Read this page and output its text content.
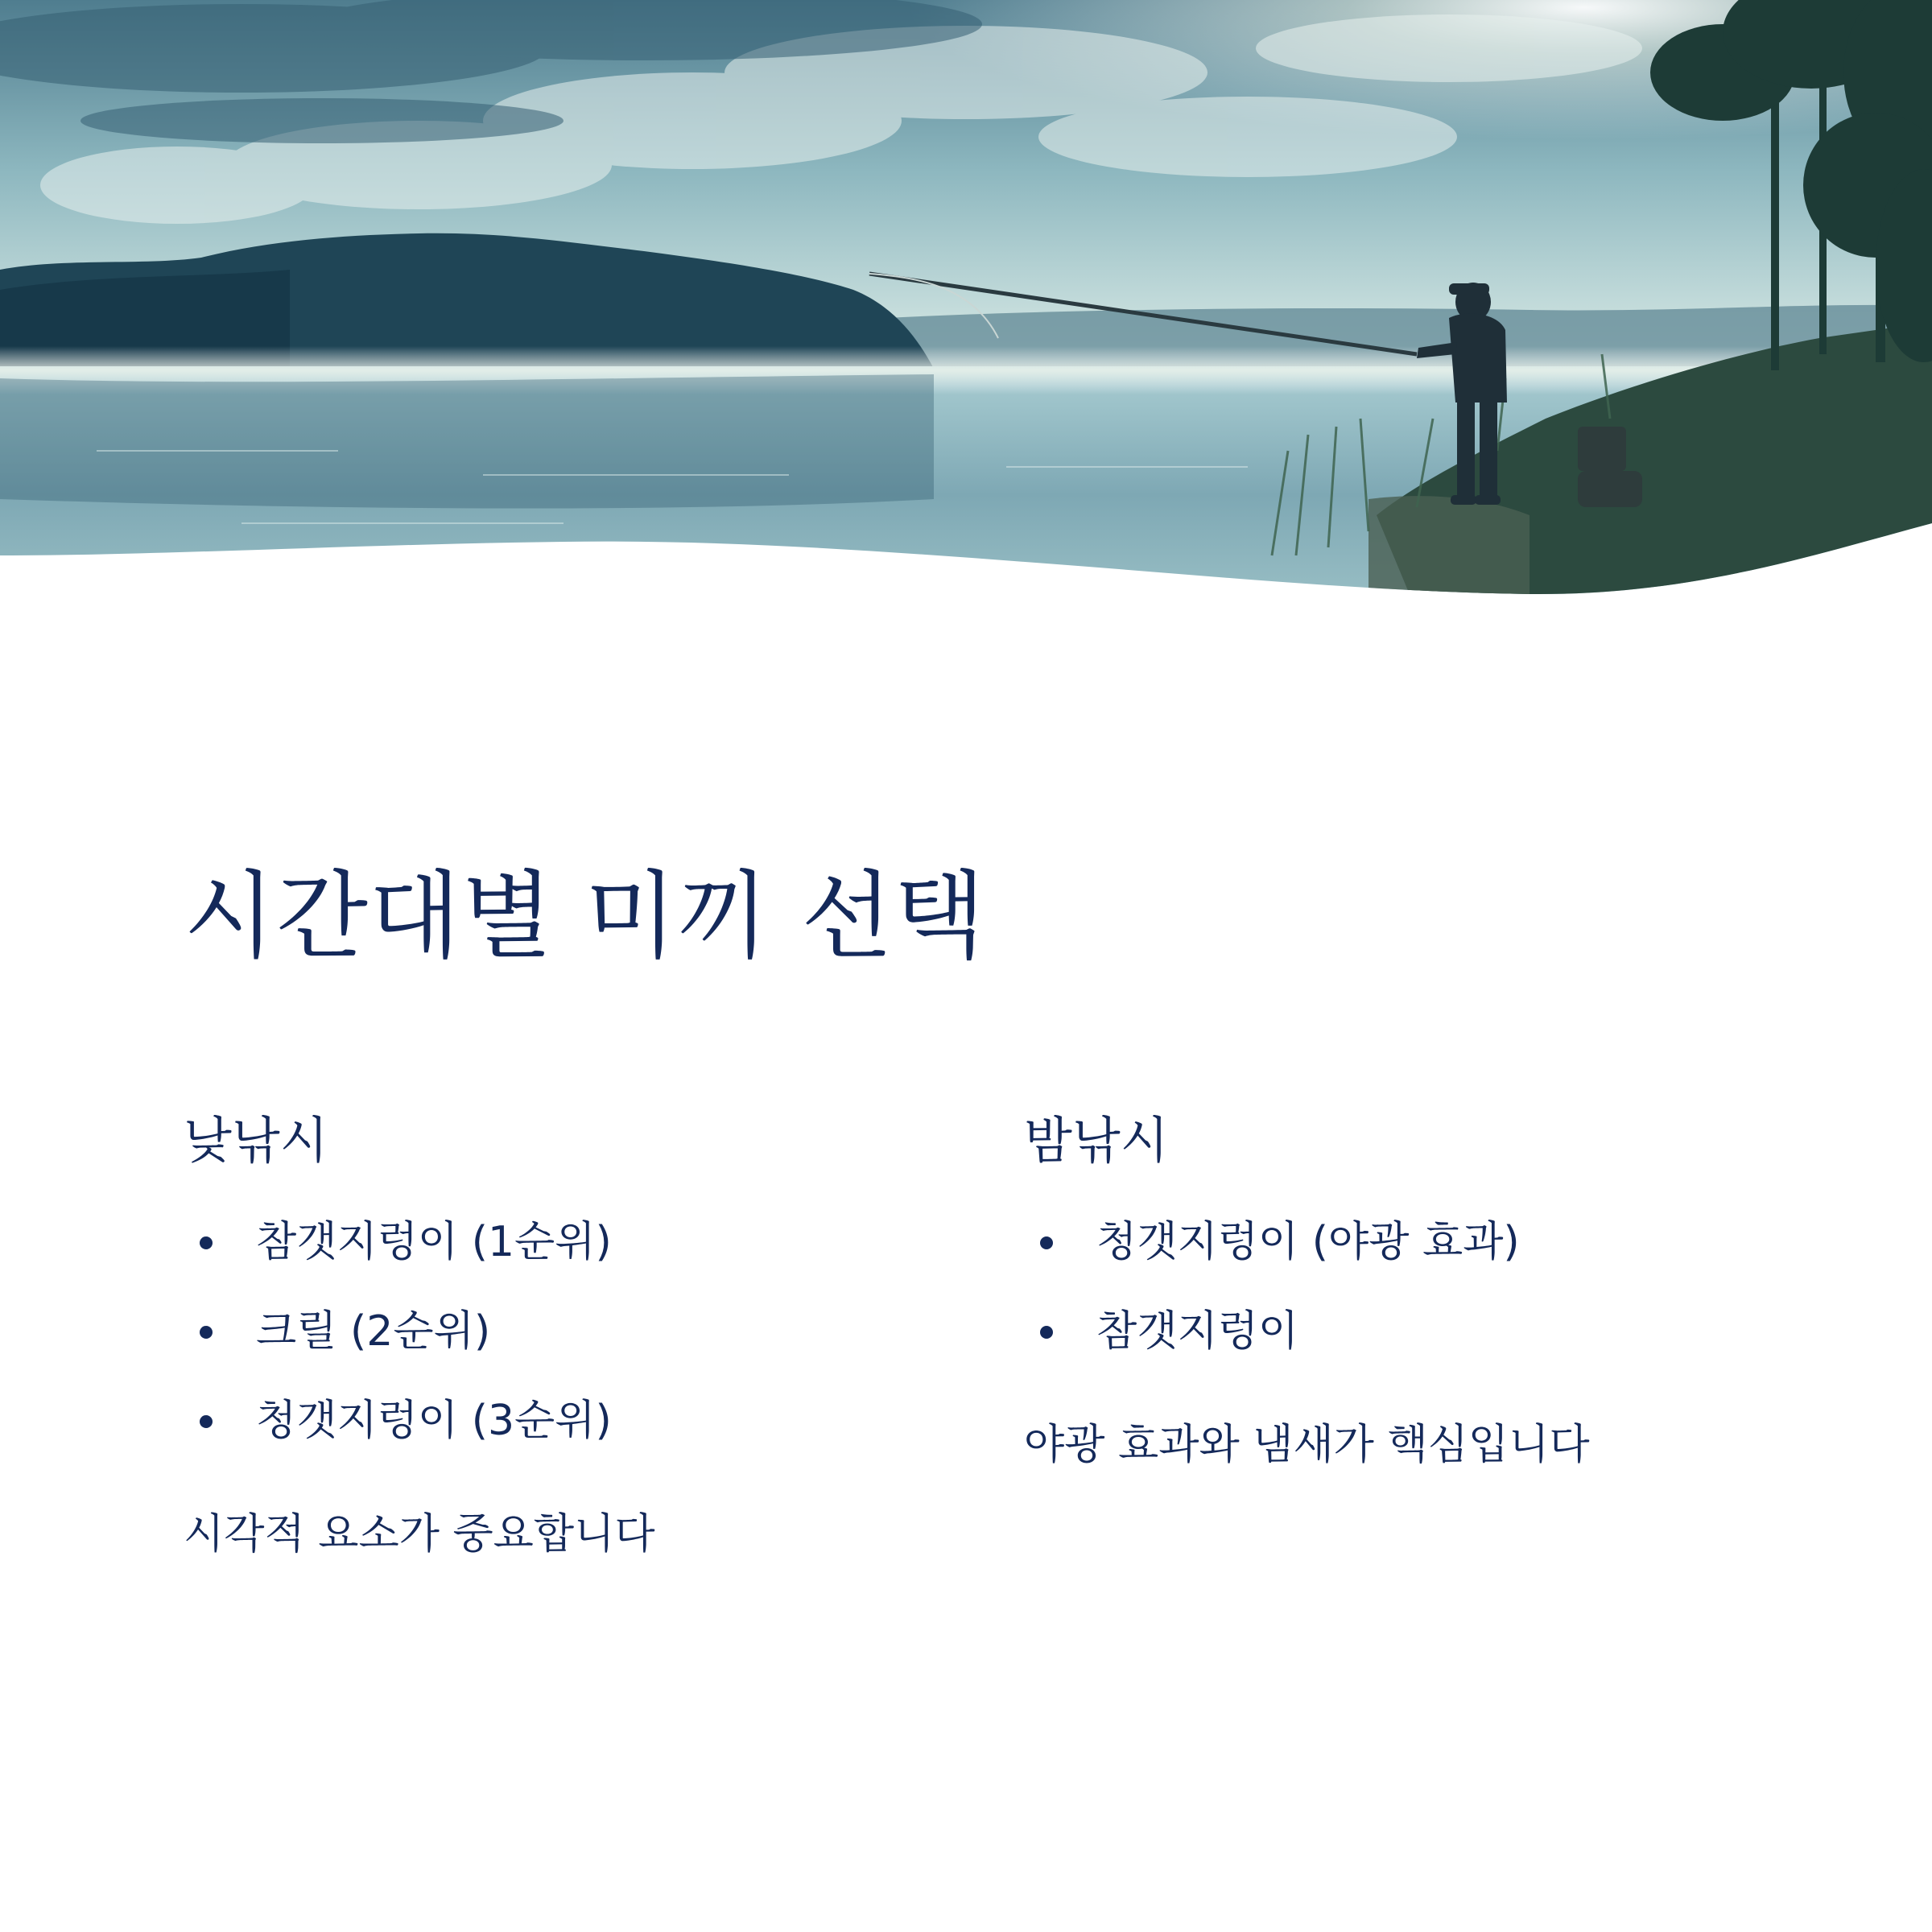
시간대별 미끼 선택
낮낚시
참갯지렁이 (1순위)
크릴 (2순위)
청갯지렁이 (3순위)

시각적 요소가 중요합니다

밤낚시
청갯지렁이 (야광 효과)
참갯지렁이

야광 효과와 냄새가 핵심입니다
